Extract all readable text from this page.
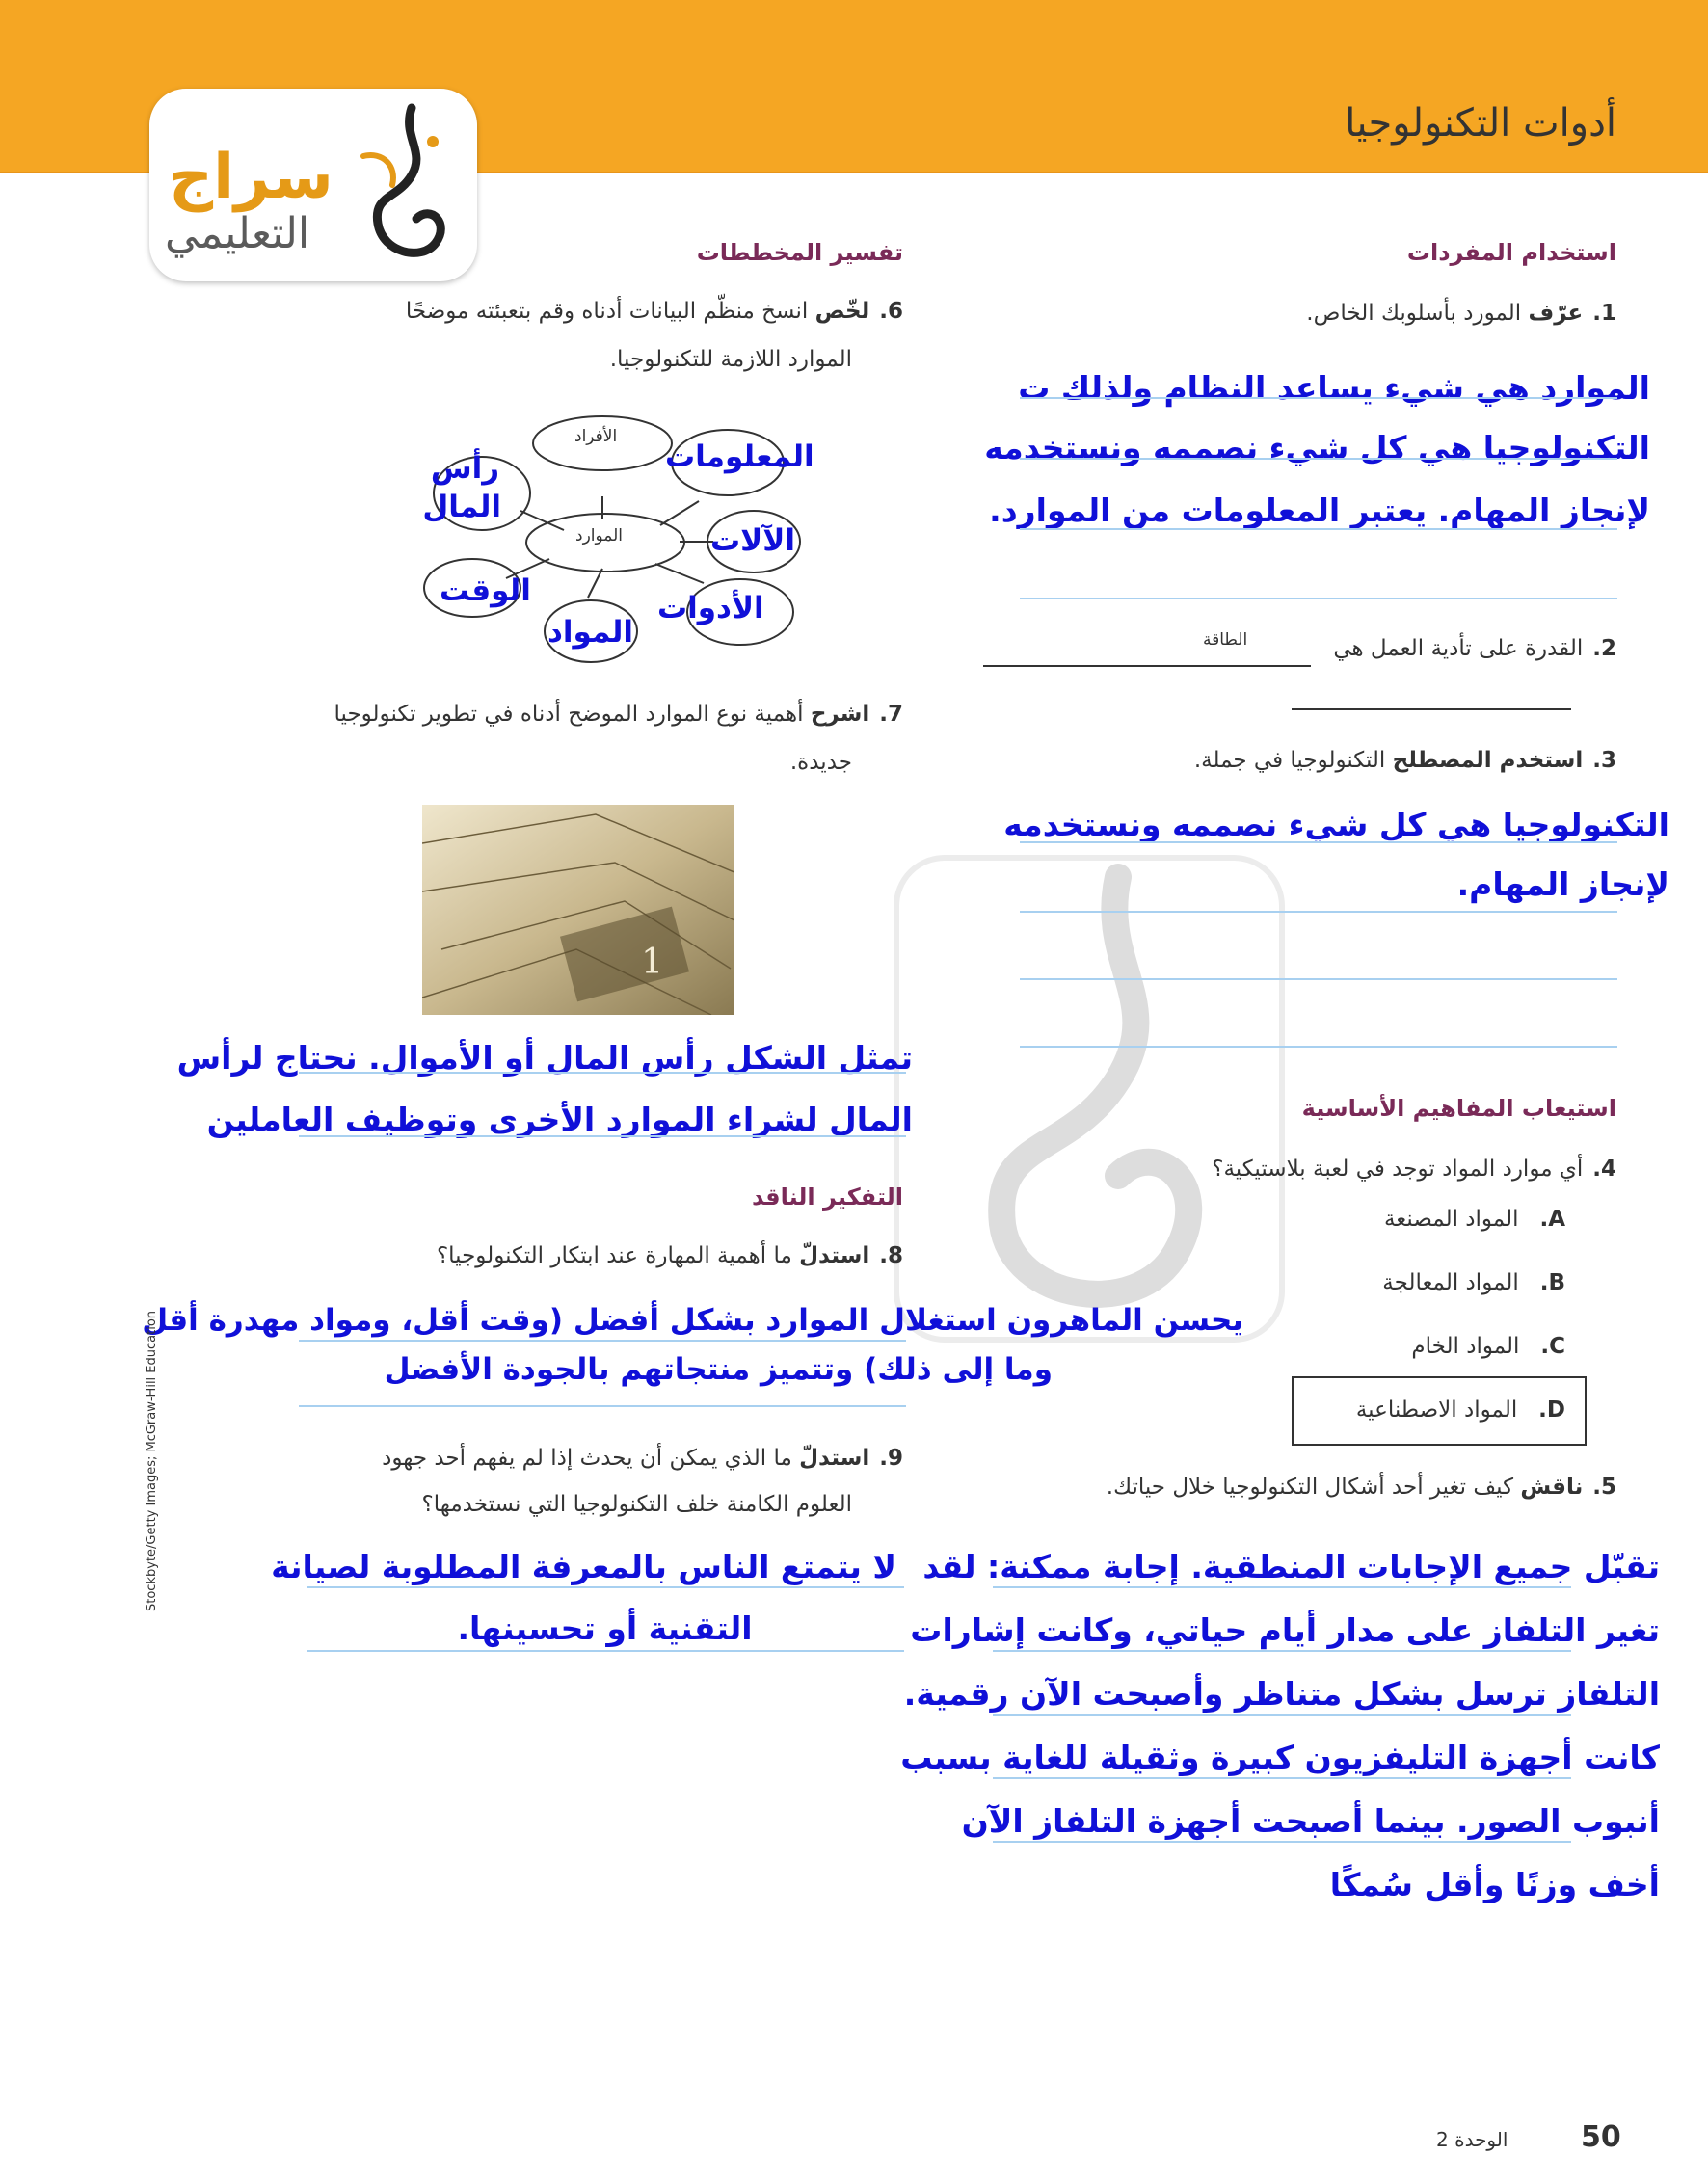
أدوات التكنولوجيا
سراج
التعليمي	استخدام المفردات
1.عرّف المورد بأسلوبك الخاص.
الموارد هي شيء يساعد النظام ولذلك ت
التكنولوجيا هي كل شيء نصممه ونستخدمه
لإنجاز المهام. يعتبر المعلومات من الموارد.
2.القدرة على تأدية العمل هي
الطاقة
3.استخدم المصطلح التكنولوجيا في جملة.
التكنولوجيا هي كل شيء نصممه ونستخدمه
لإنجاز المهام.
استيعاب المفاهيم الأساسية
4.أي موارد المواد توجد في لعبة بلاستيكية؟
A.   المواد المصنعة
B.   المواد المعالجة
C.   المواد الخام
D.   المواد الاصطناعية
5.ناقش كيف تغير أحد أشكال التكنولوجيا خلال حياتك.
تقبّل جميع الإجابات المنطقية. إجابة ممكنة: لقد
تغير التلفاز على مدار أيام حياتي، وكانت إشارات
التلفاز ترسل بشكل متناظر وأصبحت الآن رقمية.
كانت أجهزة التليفزيون كبيرة وثقيلة للغاية بسبب
أنبوب الصور. بينما أصبحت أجهزة التلفاز الآن
أخف وزنًا وأقل سُمكًا
تفسير المخططات
6.لخّص انسخ منظّم البيانات أدناه وقم بتعبئته موضحًا
الموارد اللازمة للتكنولوجيا.
الأفراد
الموارد
المعلومات
رأس
المال
الآلات
الوقت	الأدوات
المواد
7.اشرح أهمية نوع الموارد الموضح أدناه في تطوير تكنولوجيا
جديدة.
1
تمثل الشكل رأس المال أو الأموال. نحتاج لرأس
المال لشراء الموارد الأخرى وتوظيف العاملين
التفكير الناقد
8.استدلّ ما أهمية المهارة عند ابتكار التكنولوجيا؟
يحسن الماهرون استغلال الموارد بشكل أفضل (وقت أقل، ومواد مهدرة أقل
وما إلى ذلك) وتتميز منتجاتهم بالجودة الأفضل
9.استدلّ ما الذي يمكن أن يحدث إذا لم يفهم أحد جهود
العلوم الكامنة خلف التكنولوجيا التي نستخدمها؟
لا يتمتع الناس بالمعرفة المطلوبة لصيانة
التقنية أو تحسينها.
Stockbyte/Getty Images; McGraw-Hill Education
50
الوحدة 2
